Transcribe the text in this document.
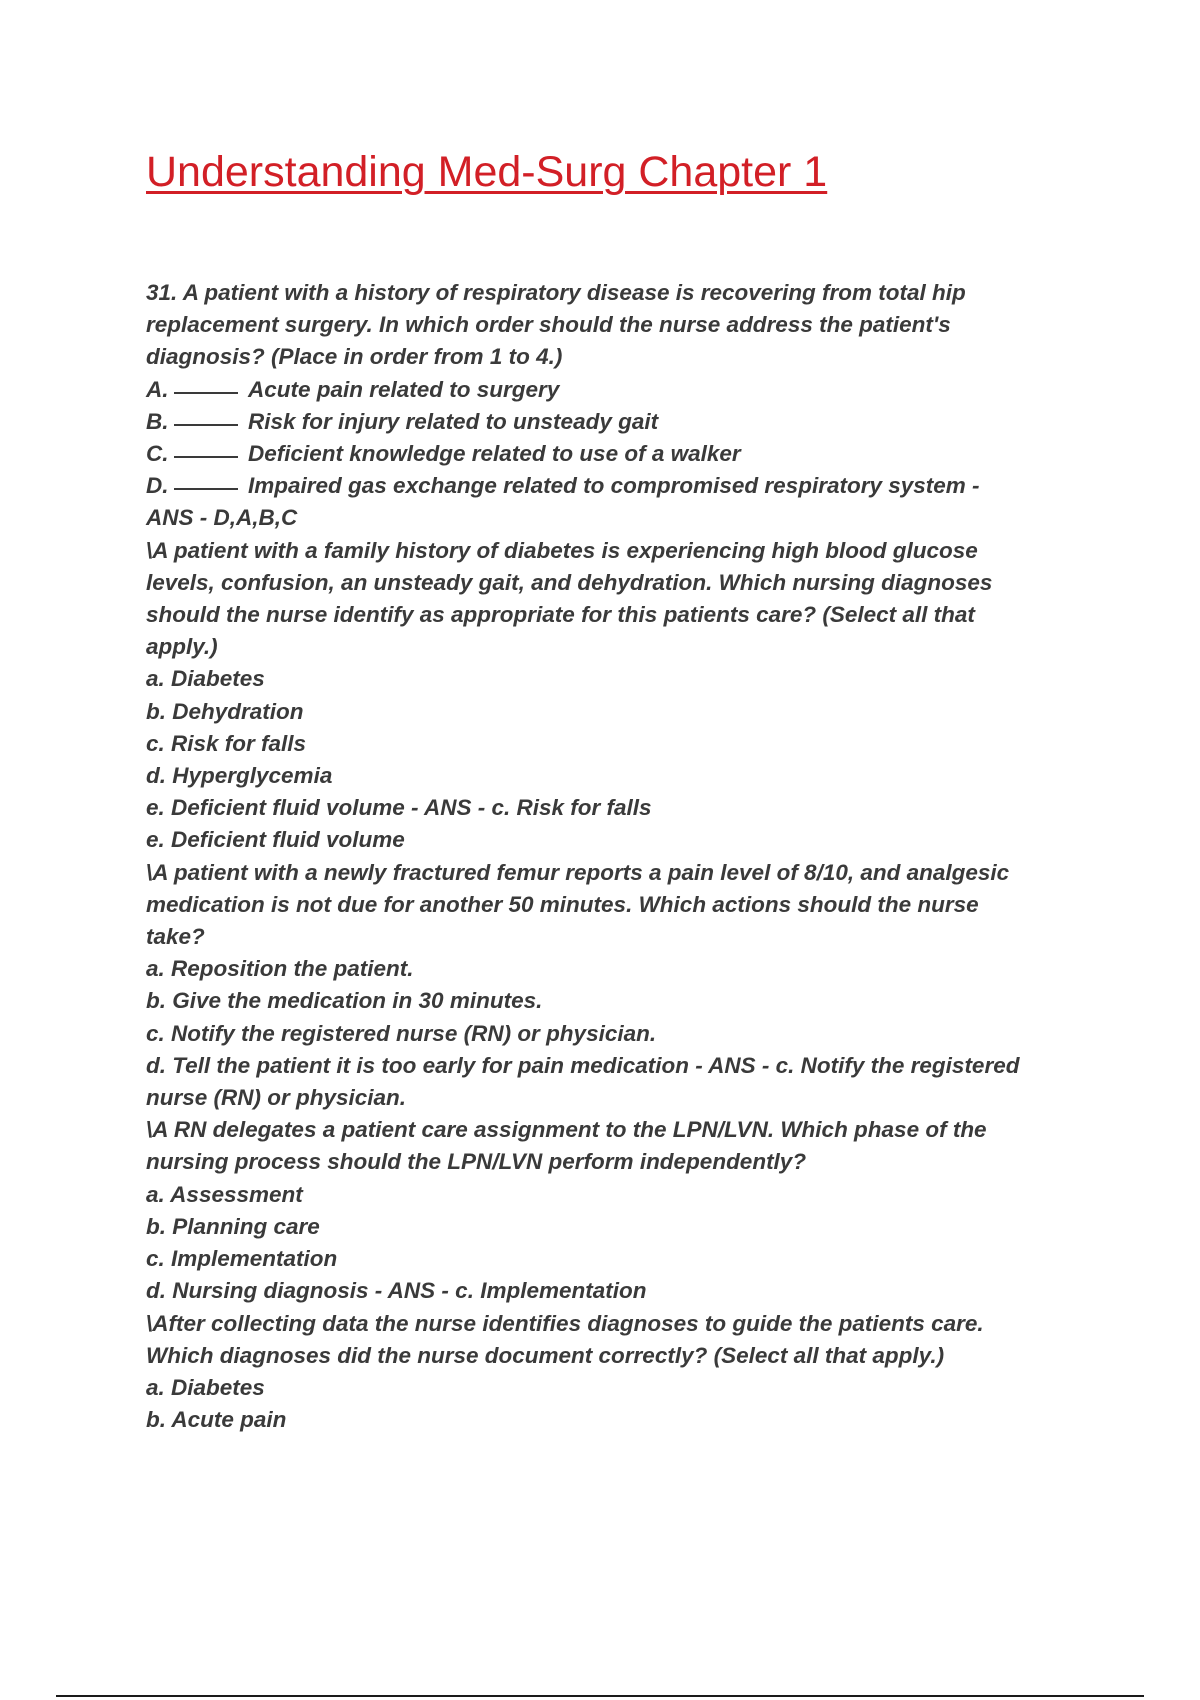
Understanding Med-Surg Chapter 1
31. A patient with a history of respiratory disease is recovering from total hip
replacement surgery. In which order should the nurse address the patient's
diagnosis? (Place in order from 1 to 4.)
A.	Acute pain related to surgery
B.	Risk for injury related to unsteady gait
C.	Deficient knowledge related to use of a walker
D.	Impaired gas exchange related to compromised respiratory system -
ANS - D,A,B,C
\A patient with a family history of diabetes is experiencing high blood glucose
levels, confusion, an unsteady gait, and dehydration. Which nursing diagnoses
should the nurse identify as appropriate for this patients care? (Select all that
apply.)
a. Diabetes
b. Dehydration
c. Risk for falls
d. Hyperglycemia
e. Deficient fluid volume - ANS - c. Risk for falls
e. Deficient fluid volume
\A patient with a newly fractured femur reports a pain level of 8/10, and analgesic
medication is not due for another 50 minutes. Which actions should the nurse
take?
a. Reposition the patient.
b. Give the medication in 30 minutes.
c. Notify the registered nurse (RN) or physician.
d. Tell the patient it is too early for pain medication - ANS - c. Notify the registered
nurse (RN) or physician.
\A RN delegates a patient care assignment to the LPN/LVN. Which phase of the
nursing process should the LPN/LVN perform independently?
a. Assessment
b. Planning care
c. Implementation
d. Nursing diagnosis - ANS - c. Implementation
\After collecting data the nurse identifies diagnoses to guide the patients care.
Which diagnoses did the nurse document correctly? (Select all that apply.)
a. Diabetes
b. Acute pain
